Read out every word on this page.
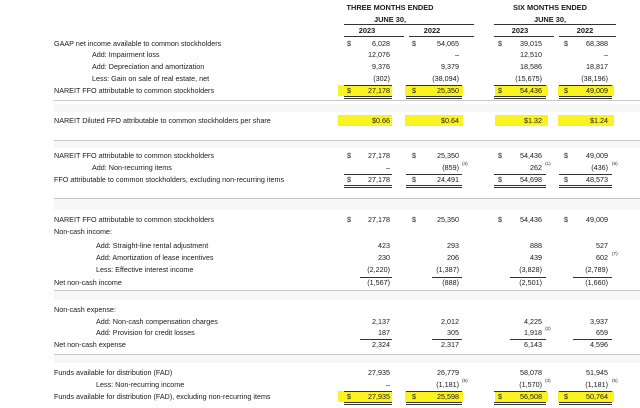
THREE MONTHS ENDED
JUNE 30,
SIX MONTHS ENDED
JUNE 30,
2023	2022	2023	2022
GAAP net income available to common stockholders	$	6,028	$	54,065	$	39,015	$	68,388
Add: Impairment loss	12,076	–	12,510	–
Add: Depreciation and amortization	9,376	9,379	18,586	18,817
Less: Gain on sale of real estate, net	(302)	(38,094)	(15,675)	(38,196)
NAREIT FFO attributable to common stockholders	$ 27,178	$	25,350	$	54,436	$	49,009
NAREIT Diluted FFO attributable to common stockholders per share	$0.66	$0.64	$1.32	$1.24
NAREIT FFO attributable to common stockholders	$ 27,178	$	25,350	$	54,436	$	49,009
Add: Non-recurring items	–	(859) (4)	262 (1)	(436) (6)
FFO attributable to common stockholders, excluding non-recurring items	$ 27,178	$	24,491	$	54,698	$	48,573
NAREIT FFO attributable to common stockholders	$ 27,178	$	25,350	$	54,436	$	49,009
Non-cash income:
Add: Straight-line rental adjustment	423	293	888	527
Add: Amortization of lease incentives	230	206	439	602 (7)
Less: Effective interest income	(2,220)	(1,387)	(3,828)	(2,789)
Net non-cash income	(1,567)	(888)	(2,501)	(1,660)
Non-cash expense:
Add: Non-cash compensation charges	2,137	2,012	4,225	3,937
Add: Provision for credit losses	187	305	1,918 (2)	659
Net non-cash expense	2,324	2,317	6,143	4,596
Funds available for distribution (FAD)	27,935	26,779	58,078	51,945
Less: Non-recurring income	–	(1,181) (5)	(1,570) (3)	(1,181) (5)
Funds available for distribution (FAD), excluding non-recurring items	$ 27,935	$	25,598	$	56,508	$	50,764
